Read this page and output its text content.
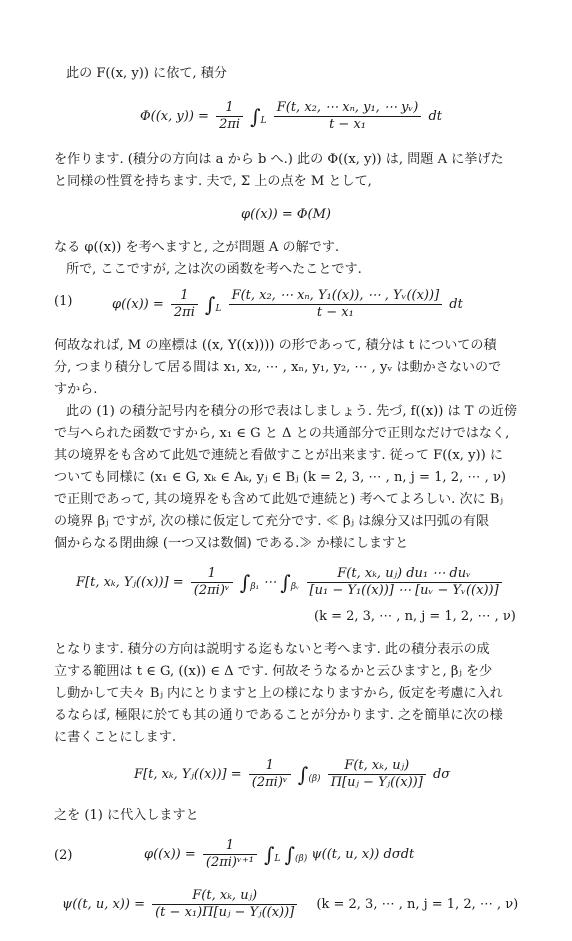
此の F((x, y)) に依て, 積分
Φ((x, $y)) = \frac{1}{2\pi i} \int_L \frac{\text{F(t, x₂, ⋯ xₙ, y₁, ⋯ yᵥ)}}{\text{t − x₁}}$ dt
を作ります. (積分の方向は a から b へ.) 此の Φ((x, y)) は, 問題 A に挙げた
と同様の性質を持ちます. 夫で, Σ 上の点を M として,
φ((x)) = Φ(M)
なる φ((x)) を考へますと, 之が問題 A の解です.
所で, ここですが, 之は次の函数を考へたことです.
(1)	$\varphi((x)) = \frac{1}{2\pi i} \int_L \frac{\text{F(t, x₂, ⋯ xₙ, Y₁((x)), ⋯ , Yᵥ((x))]}}{\text{t − x₁}}$ dt
何故なれば, M の座標は ((x, Y((x)))) の形であって, 積分は t についての積
分, つまり積分して居る間は x₁, x₂, ⋯ , xₙ, y₁, y₂, ⋯ , yᵥ は動かさないので
すから.
此の (1) の積分記号内を積分の形で表はしましょう. 先づ, f((x)) は T の近傍
で与へられた函数ですから, x₁ ∈ G と Δ との共通部分で正則なだけではなく,
其の境界をも含めて此処で連続と看做すことが出来ます. 従って F((x, y)) に
ついても同様に (x₁ ∈ G, xₖ ∈ Aₖ, yⱼ ∈ Bⱼ (k = 2, 3, ⋯ , n, j = 1, 2, ⋯ , ν)
で正則であって, 其の境界をも含めて此処で連続と) 考へてよろしい. 次に Bⱼ
の境界 βⱼ ですが, 次の様に仮定して充分です. ≪ βⱼ は線分又は円弧の有限
個からなる閉曲線 (一つ又は数個) である.≫ か様にしますと
F[t, xₖ, Yⱼ((x))] = $\frac{1}{\text{(2πi)ᵛ}} \int_{\beta_1}$ ⋯ $\int_{\beta ᵥ} \frac{\text{F(t, xₖ, uⱼ) du₁ ⋯ duᵥ}}{\text{[u₁ − Y₁((x))] ⋯ [uᵥ − Yᵥ((x))]}}$
(k = 2, 3, ⋯ , n, j = 1, 2, ⋯ , ν)
となります. 積分の方向は説明する迄もないと考へます. 此の積分表示の成
立する範囲は t ∈ G, ((x)) ∈ Δ です. 何故そうなるかと云ひますと, βⱼ を少
し動かして夫々 Bⱼ 内にとりますと上の様になりますから, 仮定を考慮に入れ
るならば, 極限に於ても其の通りであることが分かります. 之を簡単に次の様
に書くことにします.
F[t, xₖ, Yⱼ((x))] = $\frac{1}{\text{(2πi)ᵛ}} \int_{(\beta)} \frac{\text{F(t, xₖ, uⱼ)}}{\text{Π[uⱼ − Yⱼ((x))]}}$ dσ
之を (1) に代入しますと
(2)	$\varphi((x)) = \frac{1}{\text{(2πi)ᵛ⁺¹}} \int_L$ $\int_{(\beta)}$ ψ((t, u, x)) dσdt
ψ((t, u, $x)) = \frac{\text{F(t, xₖ, uⱼ)}}{\text{(t − x₁)Π[uⱼ − Yⱼ((x))]}} (k = 2$, 3, ⋯ , n, j = 1, 2, ⋯ , ν)
